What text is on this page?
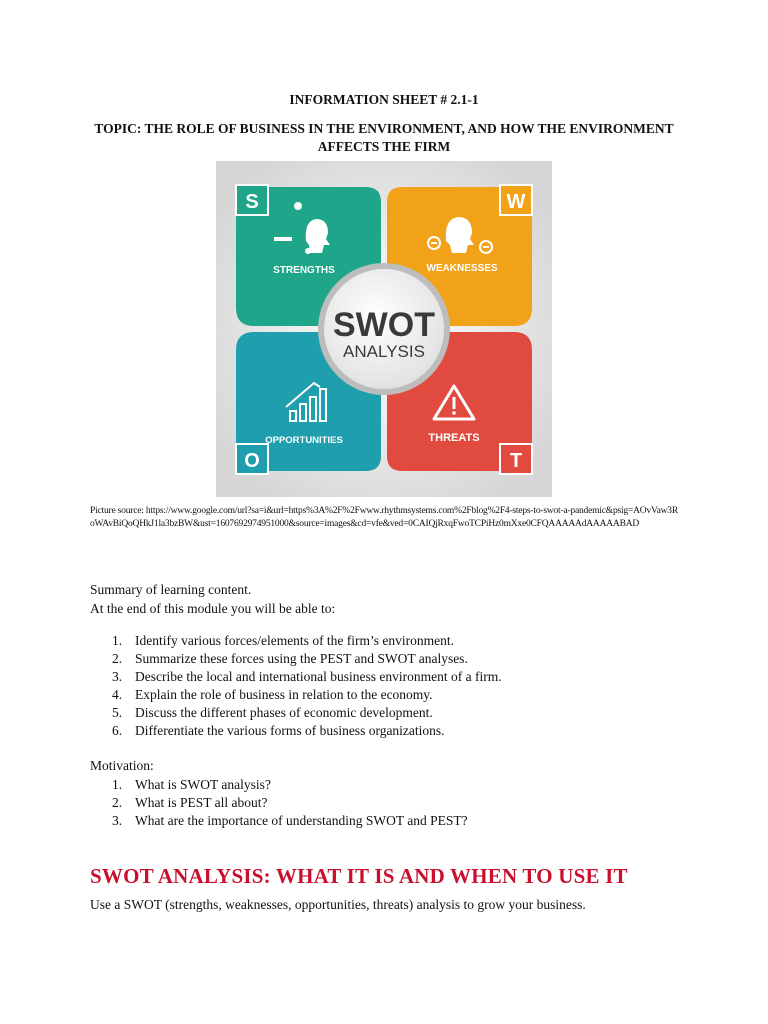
INFORMATION SHEET # 2.1-1
TOPIC: THE ROLE OF BUSINESS IN THE ENVIRONMENT, AND HOW THE ENVIRONMENT AFFECTS THE FIRM
S
STRENGTHS
W
WEAKNESSES
O
OPPORTUNITIES
T
THREATS
SWOT
ANALYSIS
Picture source: https://www.google.com/url?sa=i&url=https%3A%2F%2Fwww.rhythmsystems.com%2Fblog%2F4-steps-to-swot-a-pandemic&psig=AOvVaw3RoWAvBiQoQHkJ1la3bzBW&ust=1607692974951000&source=images&cd=vfe&ved=0CAIQjRxqFwoTCPiHz0mXxe0CFQAAAAAdAAAAABAD
Summary of learning content.
At the end of this module you will be able to:
1. Identify various forces/elements of the firm’s environment.
2. Summarize these forces using the PEST and SWOT analyses.
3. Describe the local and international business environment of a firm.
4. Explain the role of business in relation to the economy.
5. Discuss the different phases of economic development.
6. Differentiate the various forms of business organizations.
Motivation:
1. What is SWOT analysis?
2. What is PEST all about?
3. What are the importance of understanding SWOT and PEST?
SWOT ANALYSIS: WHAT IT IS AND WHEN TO USE IT
Use a SWOT (strengths, weaknesses, opportunities, threats) analysis to grow your business.
